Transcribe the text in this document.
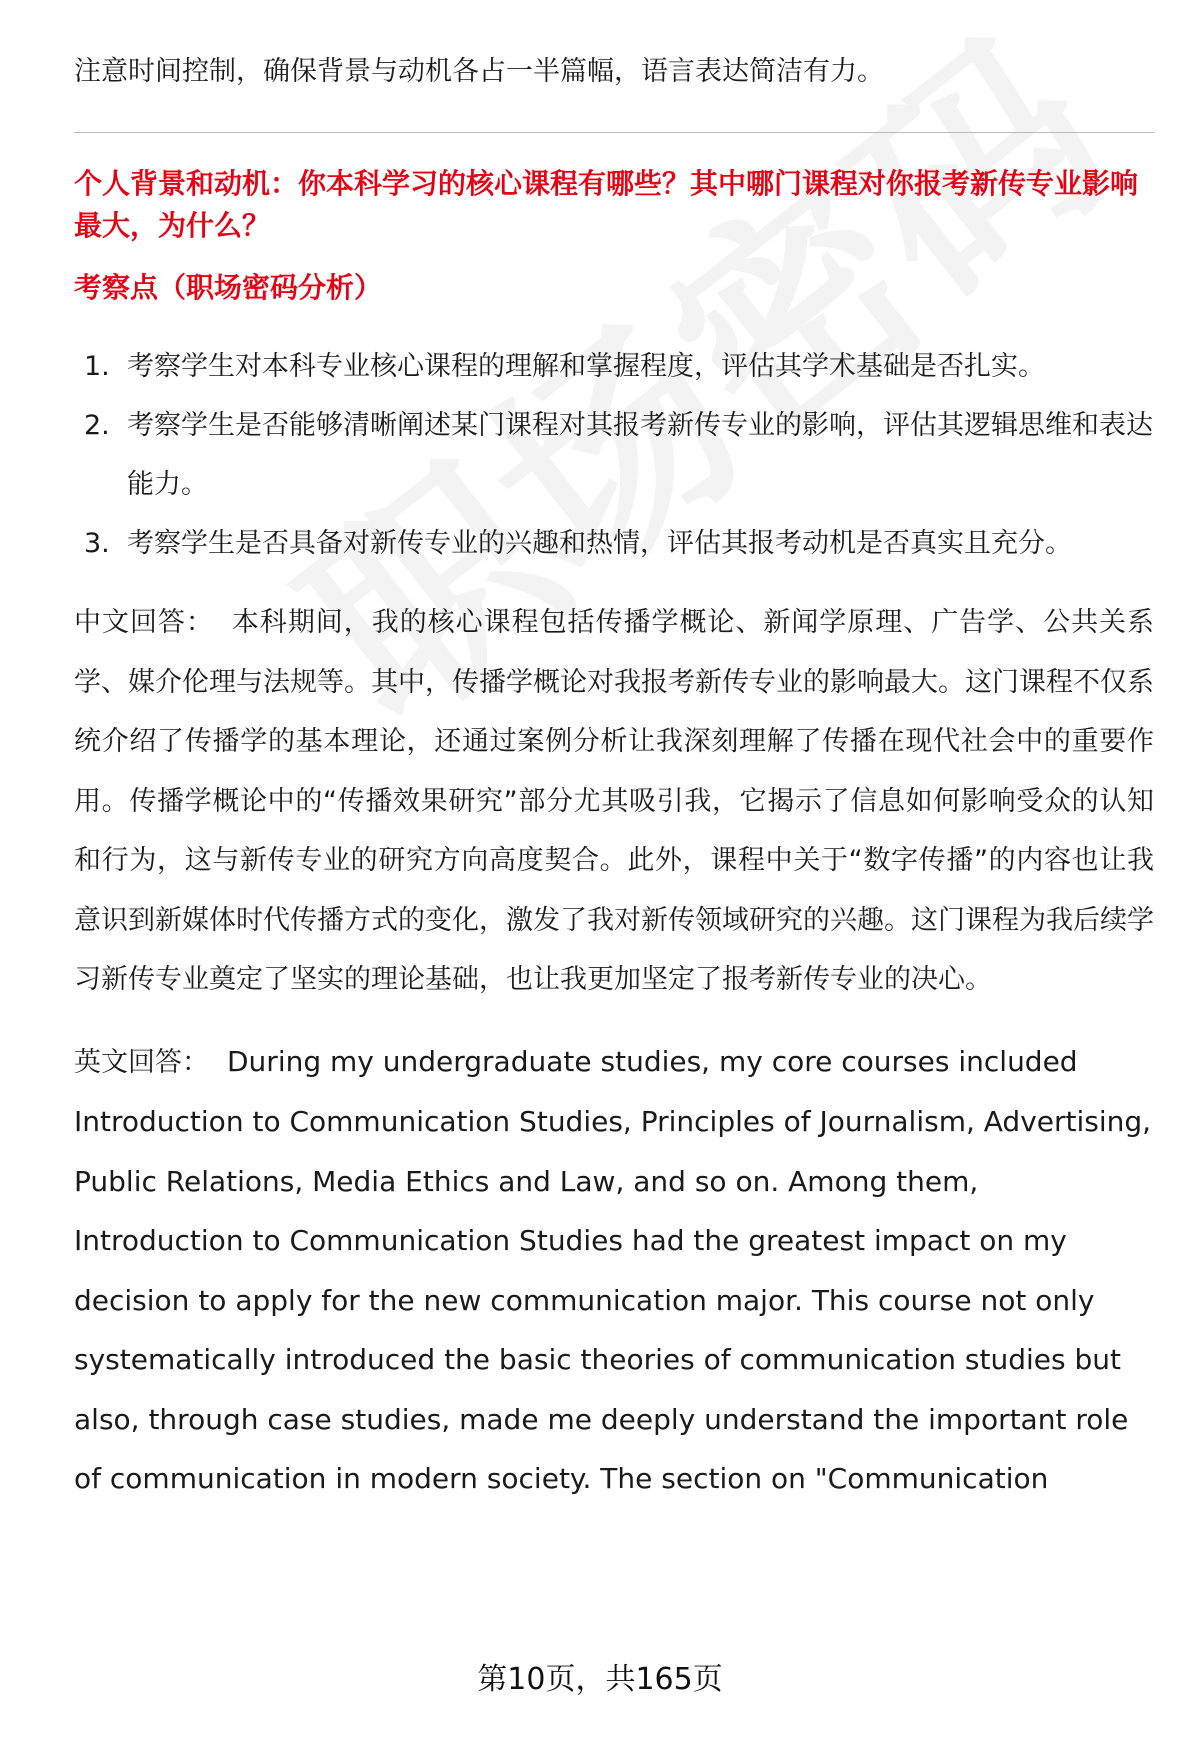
注意时间控制，确保背景与动机各占一半篇幅，语言表达简洁有力。

个人背景和动机：你本科学习的核心课程有哪些？其中哪门课程对你报考新传专业影响最大，为什么？

考察点（职场密码分析）

1. 考察学生对本科专业核心课程的理解和掌握程度，评估其学术基础是否扎实。
2. 考察学生是否能够清晰阐述某门课程对其报考新传专业的影响，评估其逻辑思维和表达能力。
3. 考察学生是否具备对新传专业的兴趣和热情，评估其报考动机是否真实且充分。

中文回答： 本科期间，我的核心课程包括传播学概论、新闻学原理、广告学、公共关系学、媒介伦理与法规等。其中，传播学概论对我报考新传专业的影响最大。这门课程不仅系统介绍了传播学的基本理论，还通过案例分析让我深刻理解了传播在现代社会中的重要作用。传播学概论中的“传播效果研究”部分尤其吸引我，它揭示了信息如何影响受众的认知和行为，这与新传专业的研究方向高度契合。此外，课程中关于“数字传播”的内容也让我意识到新媒体时代传播方式的变化，激发了我对新传领域研究的兴趣。这门课程为我后续学习新传专业奠定了坚实的理论基础，也让我更加坚定了报考新传专业的决心。

英文回答： During my undergraduate studies, my core courses included Introduction to Communication Studies, Principles of Journalism, Advertising, Public Relations, Media Ethics and Law, and so on. Among them, Introduction to Communication Studies had the greatest impact on my decision to apply for the new communication major. This course not only systematically introduced the basic theories of communication studies but also, through case studies, made me deeply understand the important role of communication in modern society. The section on "Communication

第10页，共165页
